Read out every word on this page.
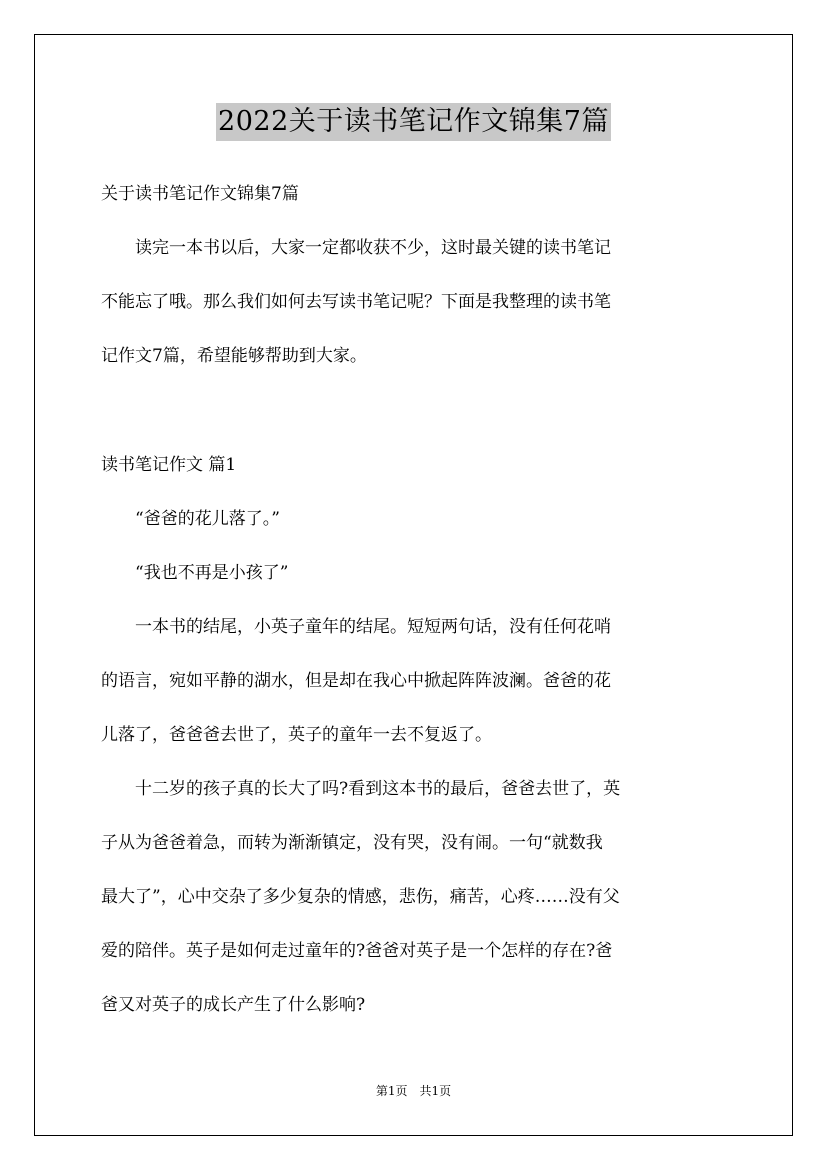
2022关于读书笔记作文锦集7篇
关于读书笔记作文锦集7篇
　　读完一本书以后，大家一定都收获不少，这时最关键的读书笔记
不能忘了哦。那么我们如何去写读书笔记呢？下面是我整理的读书笔
记作文7篇，希望能够帮助到大家。
读书笔记作文 篇1
　　“爸爸的花儿落了。”
　　“我也不再是小孩了”
　　一本书的结尾，小英子童年的结尾。短短两句话，没有任何花哨
的语言，宛如平静的湖水，但是却在我心中掀起阵阵波澜。爸爸的花
儿落了，爸爸爸去世了，英子的童年一去不复返了。
　　十二岁的孩子真的长大了吗?看到这本书的最后，爸爸去世了，英
子从为爸爸着急，而转为渐渐镇定，没有哭，没有闹。一句“就数我
最大了”，心中交杂了多少复杂的情感，悲伤，痛苦，心疼……没有父
爱的陪伴。英子是如何走过童年的?爸爸对英子是一个怎样的存在?爸
爸又对英子的成长产生了什么影响?
第1页　共1页
